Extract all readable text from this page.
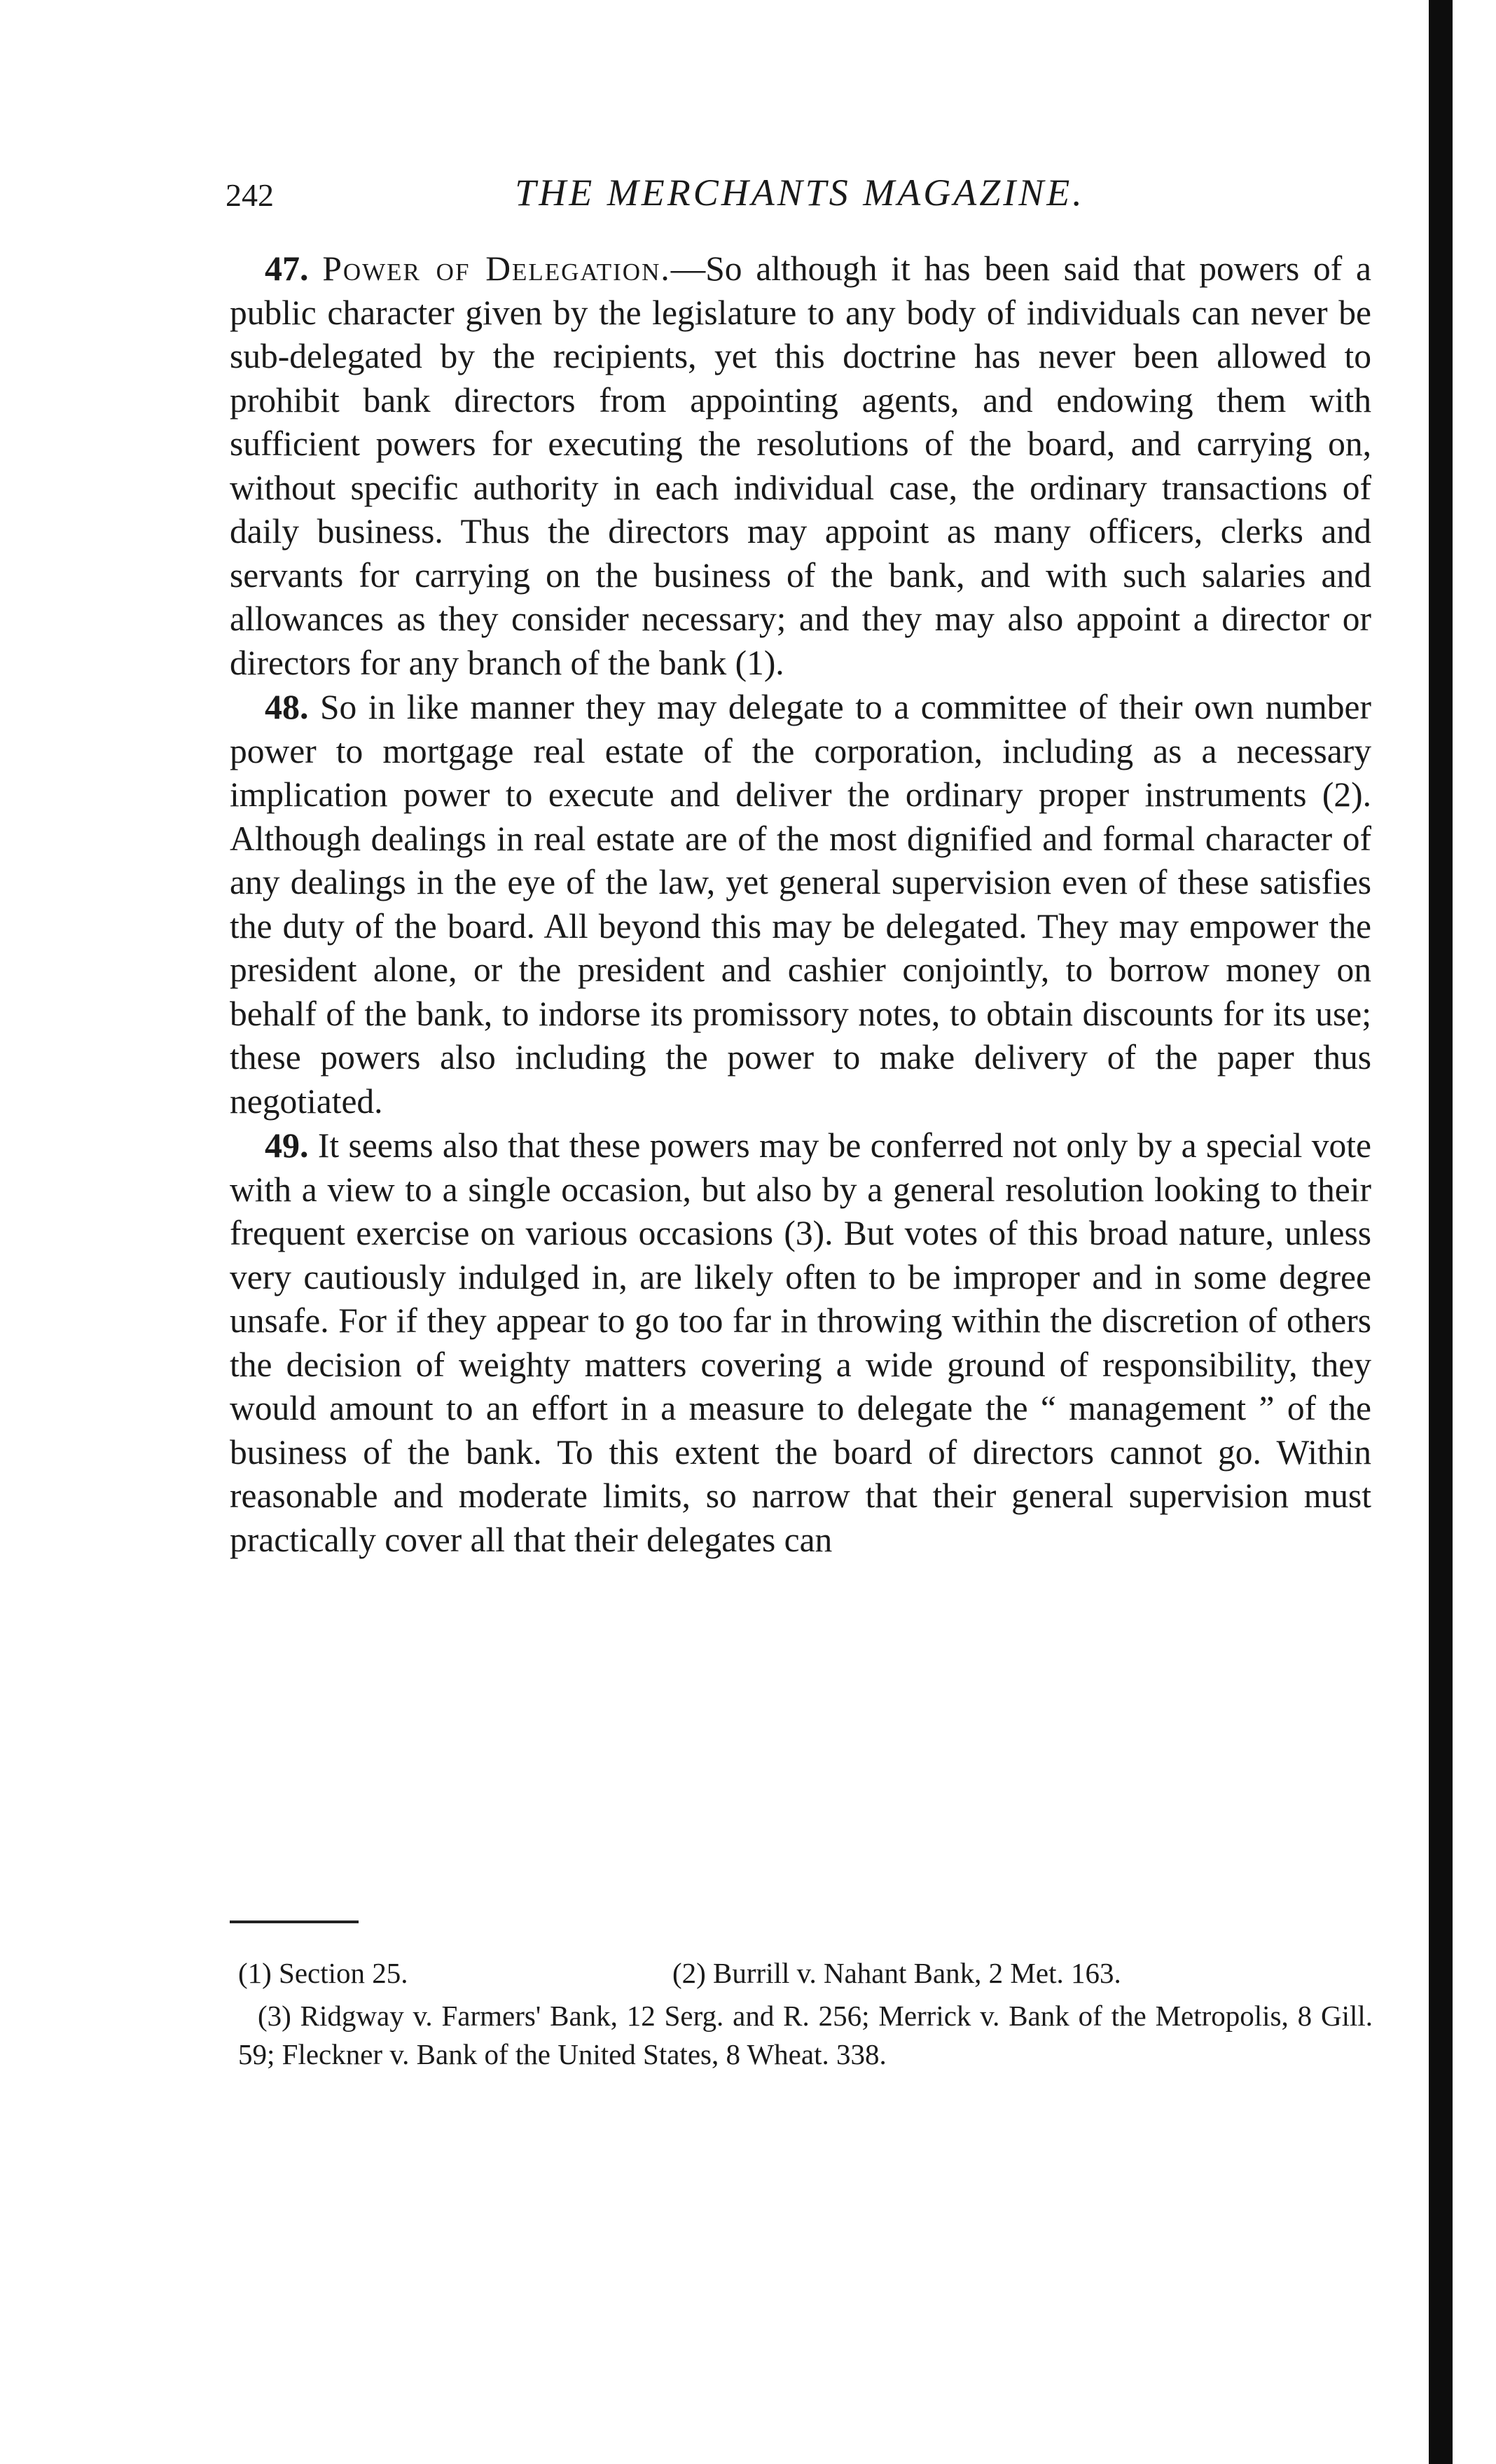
242	THE MERCHANTS MAGAZINE.

47. Power of Delegation.—So although it has been said that powers of a public character given by the legislature to any body of individuals can never be sub-delegated by the recipients, yet this doctrine has never been allowed to prohibit bank directors from appointing agents, and endowing them with sufficient powers for executing the resolutions of the board, and carrying on, without specific authority in each individual case, the ordinary transactions of daily business. Thus the directors may appoint as many officers, clerks and servants for carrying on the business of the bank, and with such salaries and allowances as they consider necessary; and they may also appoint a director or directors for any branch of the bank (1).

48. So in like manner they may delegate to a committee of their own number power to mortgage real estate of the corporation, including as a necessary implication power to execute and deliver the ordinary proper instruments (2). Although dealings in real estate are of the most dignified and formal character of any dealings in the eye of the law, yet general supervision even of these satisfies the duty of the board. All beyond this may be delegated. They may empower the president alone, or the president and cashier conjointly, to borrow money on behalf of the bank, to indorse its promissory notes, to obtain discounts for its use; these powers also including the power to make delivery of the paper thus negotiated.

49. It seems also that these powers may be conferred not only by a special vote with a view to a single occasion, but also by a general resolution looking to their frequent exercise on various occasions (3). But votes of this broad nature, unless very cautiously indulged in, are likely often to be improper and in some degree unsafe. For if they appear to go too far in throwing within the discretion of others the decision of weighty matters covering a wide ground of responsibility, they would amount to an effort in a measure to delegate the “ management ” of the business of the bank. To this extent the board of directors cannot go. Within reasonable and moderate limits, so narrow that their general supervision must practically cover all that their delegates can

(1) Section 25.	(2) Burrill v. Nahant Bank, 2 Met. 163.
(3) Ridgway v. Farmers' Bank, 12 Serg. and R. 256; Merrick v. Bank of the Metropolis, 8 Gill. 59; Fleckner v. Bank of the United States, 8 Wheat. 338.
